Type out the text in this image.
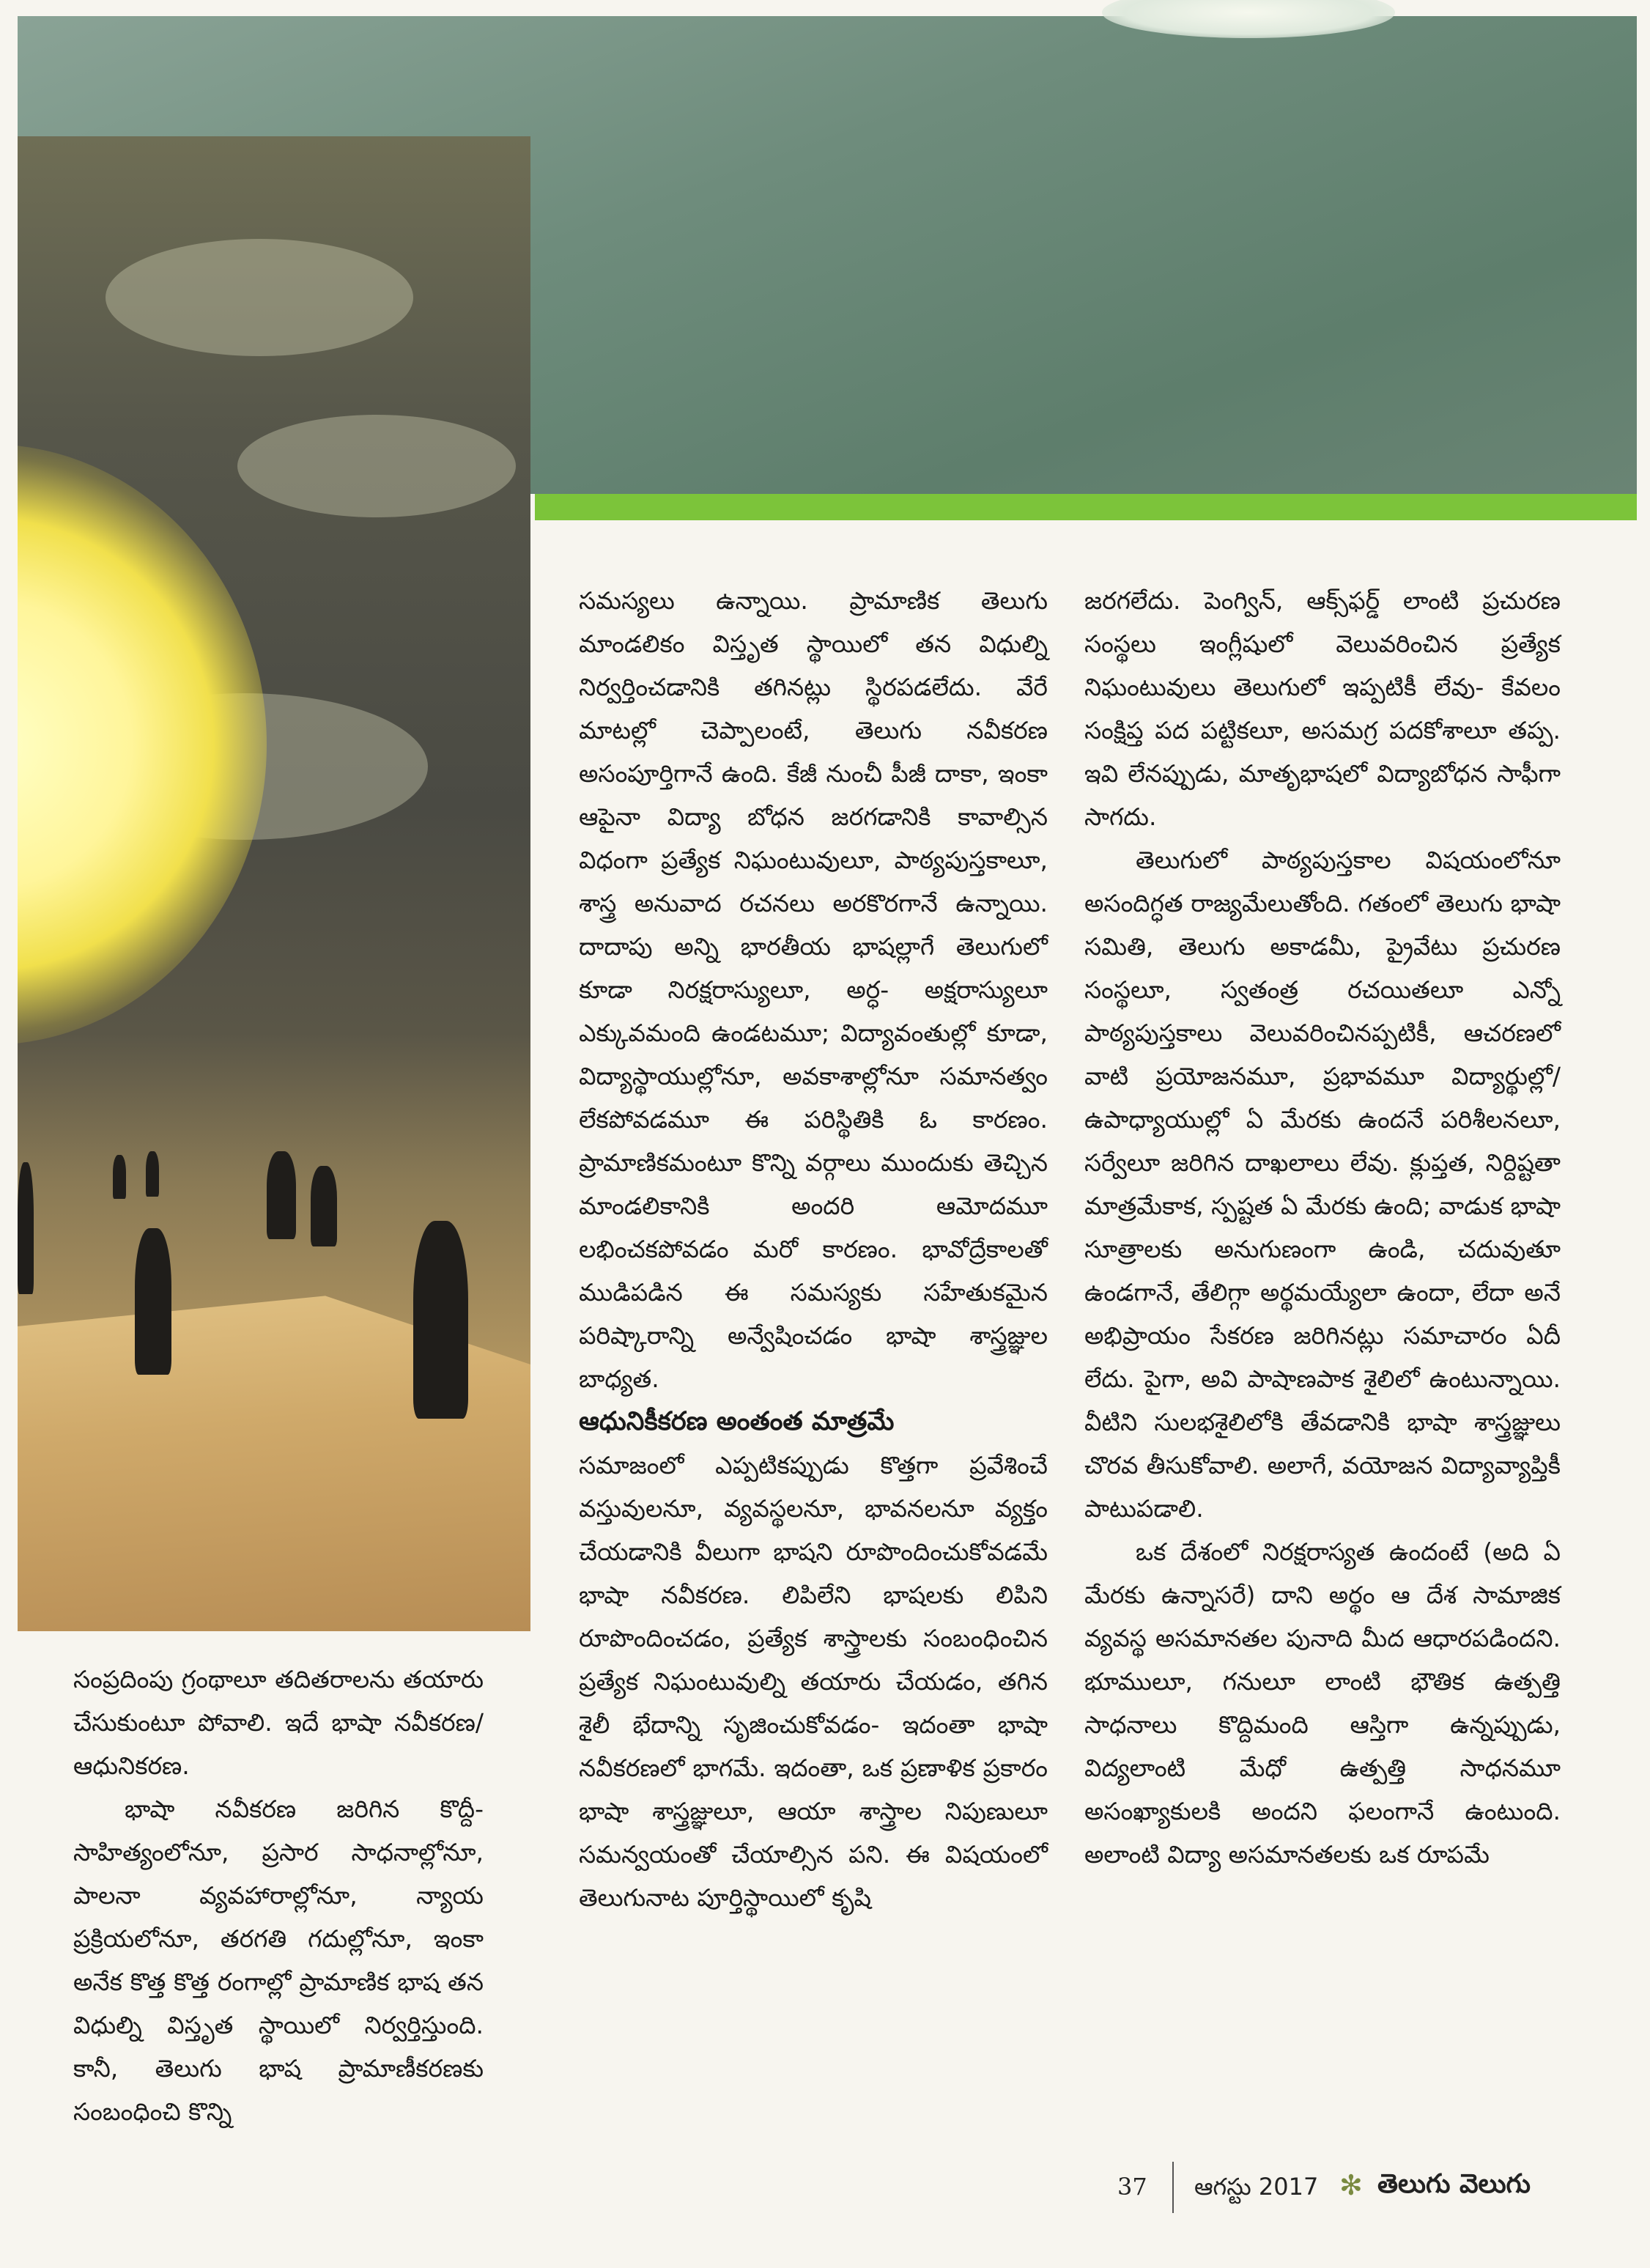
సంప్రదింపు గ్రంథాలూ తదితరాలను తయారు చేసుకుంటూ పోవాలి. ఇదే భాషా నవీకరణ/ఆధునికరణ.

భాషా నవీకరణ జరిగిన కొద్దీ- సాహిత్యంలోనూ, ప్రసార సాధనాల్లోనూ, పాలనా వ్యవహారాల్లోనూ, న్యాయ ప్రక్రియలోనూ, తరగతి గదుల్లోనూ, ఇంకా అనేక కొత్త కొత్త రంగాల్లో ప్రామాణిక భాష తన విధుల్ని విస్తృత స్థాయిలో నిర్వర్తిస్తుంది. కానీ, తెలుగు భాష ప్రామాణీకరణకు సంబంధించి కొన్ని

సమస్యలు ఉన్నాయి. ప్రామాణిక తెలుగు మాండలికం విస్తృత స్థాయిలో తన విధుల్ని నిర్వర్తించడానికి తగినట్లు స్థిరపడలేదు. వేరే మాటల్లో చెప్పాలంటే, తెలుగు నవీకరణ అసంపూర్తిగానే ఉంది. కేజీ నుంచీ పీజీ దాకా, ఇంకా ఆపైనా విద్యా బోధన జరగడానికి కావాల్సిన విధంగా ప్రత్యేక నిఘంటువులూ, పాఠ్యపుస్తకాలూ, శాస్త్ర అనువాద రచనలు అరకొరగానే ఉన్నాయి. దాదాపు అన్ని భారతీయ భాషల్లాగే తెలుగులో కూడా నిరక్షరాస్యులూ, అర్ధ- అక్షరాస్యులూ ఎక్కువమంది ఉండటమూ; విద్యావంతుల్లో కూడా, విద్యాస్థాయుల్లోనూ, అవకాశాల్లోనూ సమానత్వం లేకపోవడమూ ఈ పరిస్థితికి ఓ కారణం. ప్రామాణికమంటూ కొన్ని వర్గాలు ముందుకు తెచ్చిన మాండలికానికి అందరి ఆమోదమూ లభించకపోవడం మరో కారణం. భావోద్రేకాలతో ముడిపడిన ఈ సమస్యకు సహేతుకమైన పరిష్కారాన్ని అన్వేషించడం భాషా శాస్త్రజ్ఞుల బాధ్యత.

ఆధునికీకరణ అంతంత మాత్రమే

సమాజంలో ఎప్పటికప్పుడు కొత్తగా ప్రవేశించే వస్తువులనూ, వ్యవస్థలనూ, భావనలనూ వ్యక్తం చేయడానికి వీలుగా భాషని రూపొందించుకోవడమే భాషా నవీకరణ. లిపిలేని భాషలకు లిపిని రూపొందించడం, ప్రత్యేక శాస్త్రాలకు సంబంధించిన ప్రత్యేక నిఘంటువుల్ని తయారు చేయడం, తగిన శైలీ భేదాన్ని సృజించుకోవడం- ఇదంతా భాషా నవీకరణలో భాగమే. ఇదంతా, ఒక ప్రణాళిక ప్రకారం భాషా శాస్త్రజ్ఞులూ, ఆయా శాస్త్రాల నిపుణులూ సమన్వయంతో చేయాల్సిన పని. ఈ విషయంలో తెలుగునాట పూర్తిస్థాయిలో కృషి

జరగలేదు. పెంగ్విన్, ఆక్స్‌ఫర్డ్ లాంటి ప్రచురణ సంస్థలు ఇంగ్లీషులో వెలువరించిన ప్రత్యేక నిఘంటువులు తెలుగులో ఇప్పటికీ లేవు- కేవలం సంక్షిప్త పద పట్టికలూ, అసమగ్ర పదకోశాలూ తప్ప. ఇవి లేనప్పుడు, మాతృభాషలో విద్యాబోధన సాఫీగా సాగదు.

తెలుగులో పాఠ్యపుస్తకాల విషయంలోనూ అసందిగ్ధత రాజ్యమేలుతోంది. గతంలో తెలుగు భాషా సమితి, తెలుగు అకాడమీ, ప్రైవేటు ప్రచురణ సంస్థలూ, స్వతంత్ర రచయితలూ ఎన్నో పాఠ్యపుస్తకాలు వెలువరించినప్పటికీ, ఆచరణలో వాటి ప్రయోజనమూ, ప్రభావమూ విద్యార్థుల్లో/ ఉపాధ్యాయుల్లో ఏ మేరకు ఉందనే పరిశీలనలూ, సర్వేలూ జరిగిన దాఖలాలు లేవు. క్లుప్తత, నిర్దిష్టతా మాత్రమేకాక, స్పష్టత ఏ మేరకు ఉంది; వాడుక భాషా సూత్రాలకు అనుగుణంగా ఉండి, చదువుతూ ఉండగానే, తేలిగ్గా అర్థమయ్యేలా ఉందా, లేదా అనే అభిప్రాయం సేకరణ జరిగినట్లు సమాచారం ఏదీ లేదు. పైగా, అవి పాషాణపాక శైలిలో ఉంటున్నాయి. వీటిని సులభశైలిలోకి తేవడానికి భాషా శాస్త్రజ్ఞులు చొరవ తీసుకోవాలి. అలాగే, వయోజన విద్యావ్యాప్తికీ పాటుపడాలి.

ఒక దేశంలో నిరక్షరాస్యత ఉందంటే (అది ఏ మేరకు ఉన్నాసరే) దాని అర్థం ఆ దేశ సామాజిక వ్యవస్థ అసమానతల పునాది మీద ఆధారపడిందని. భూములూ, గనులూ లాంటి భౌతిక ఉత్పత్తి సాధనాలు కొద్దిమంది ఆస్తిగా ఉన్నప్పుడు, విద్యలాంటి మేధో ఉత్పత్తి సాధనమూ అసంఖ్యాకులకి అందని ఫలంగానే ఉంటుంది. అలాంటి విద్యా అసమానతలకు ఒక రూపమే

37 ఆగస్టు 2017 ✻ తెలుగు వెలుగు
